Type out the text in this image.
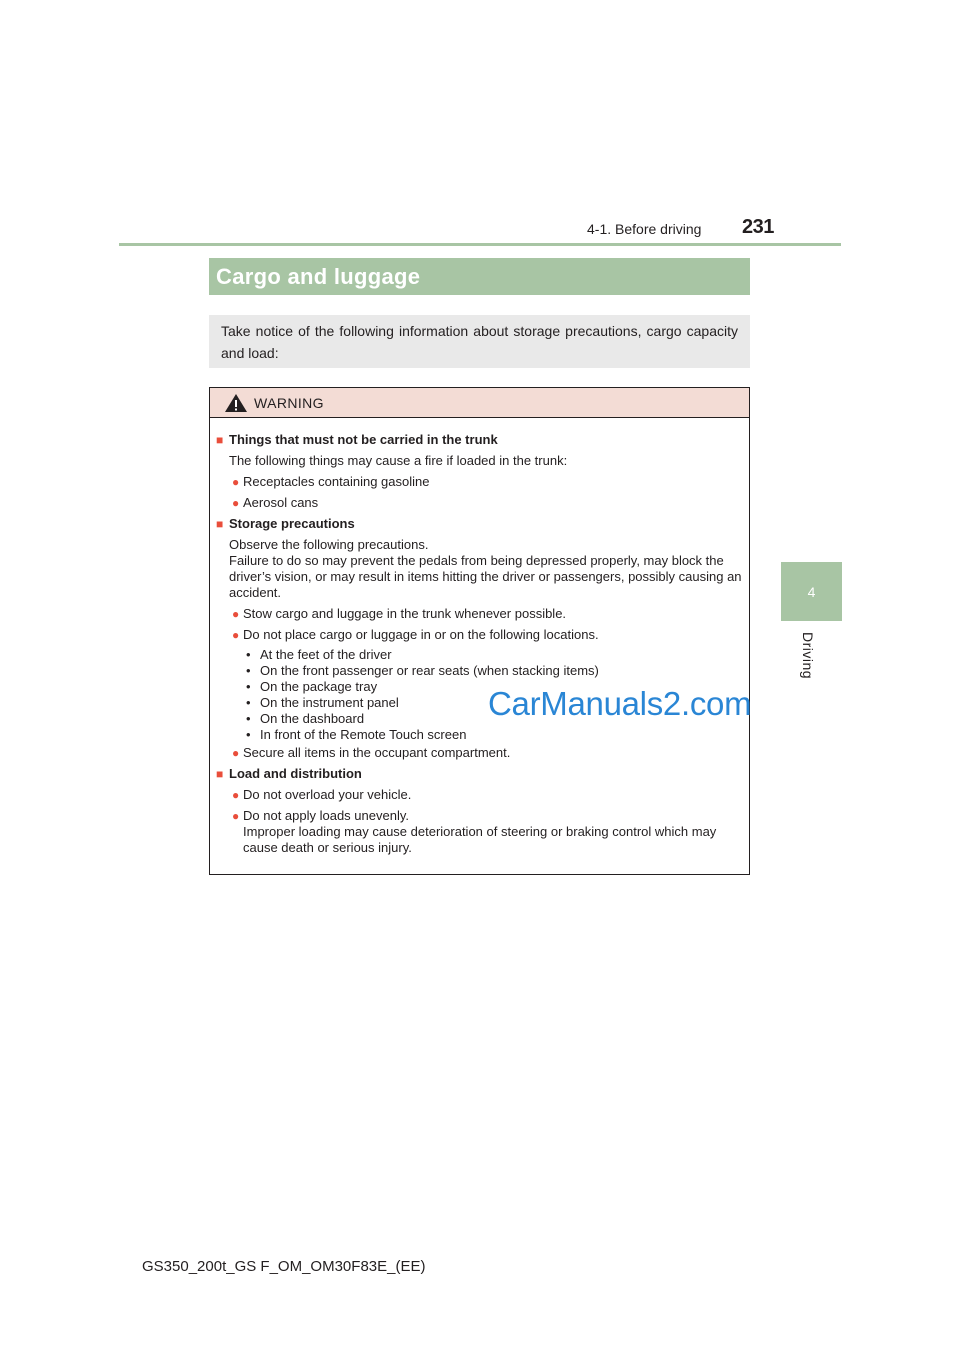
4-1. Before driving 231
4
Driving
Cargo and luggage
Take notice of the following information about storage precautions, cargo capacity and load:
WARNING
■ Things that must not be carried in the trunk
The following things may cause a fire if loaded in the trunk:
● Receptacles containing gasoline
● Aerosol cans
■ Storage precautions
Observe the following precautions.
Failure to do so may prevent the pedals from being depressed properly, may block the driver’s vision, or may result in items hitting the driver or passengers, possibly causing an accident.
● Stow cargo and luggage in the trunk whenever possible.
● Do not place cargo or luggage in or on the following locations.
• At the feet of the driver
• On the front passenger or rear seats (when stacking items)
• On the package tray
• On the instrument panel
• On the dashboard
• In front of the Remote Touch screen
● Secure all items in the occupant compartment.
■ Load and distribution
● Do not overload your vehicle.
● Do not apply loads unevenly.
Improper loading may cause deterioration of steering or braking control which may cause death or serious injury.
CarManuals2.com
GS350_200t_GS F_OM_OM30F83E_(EE)
